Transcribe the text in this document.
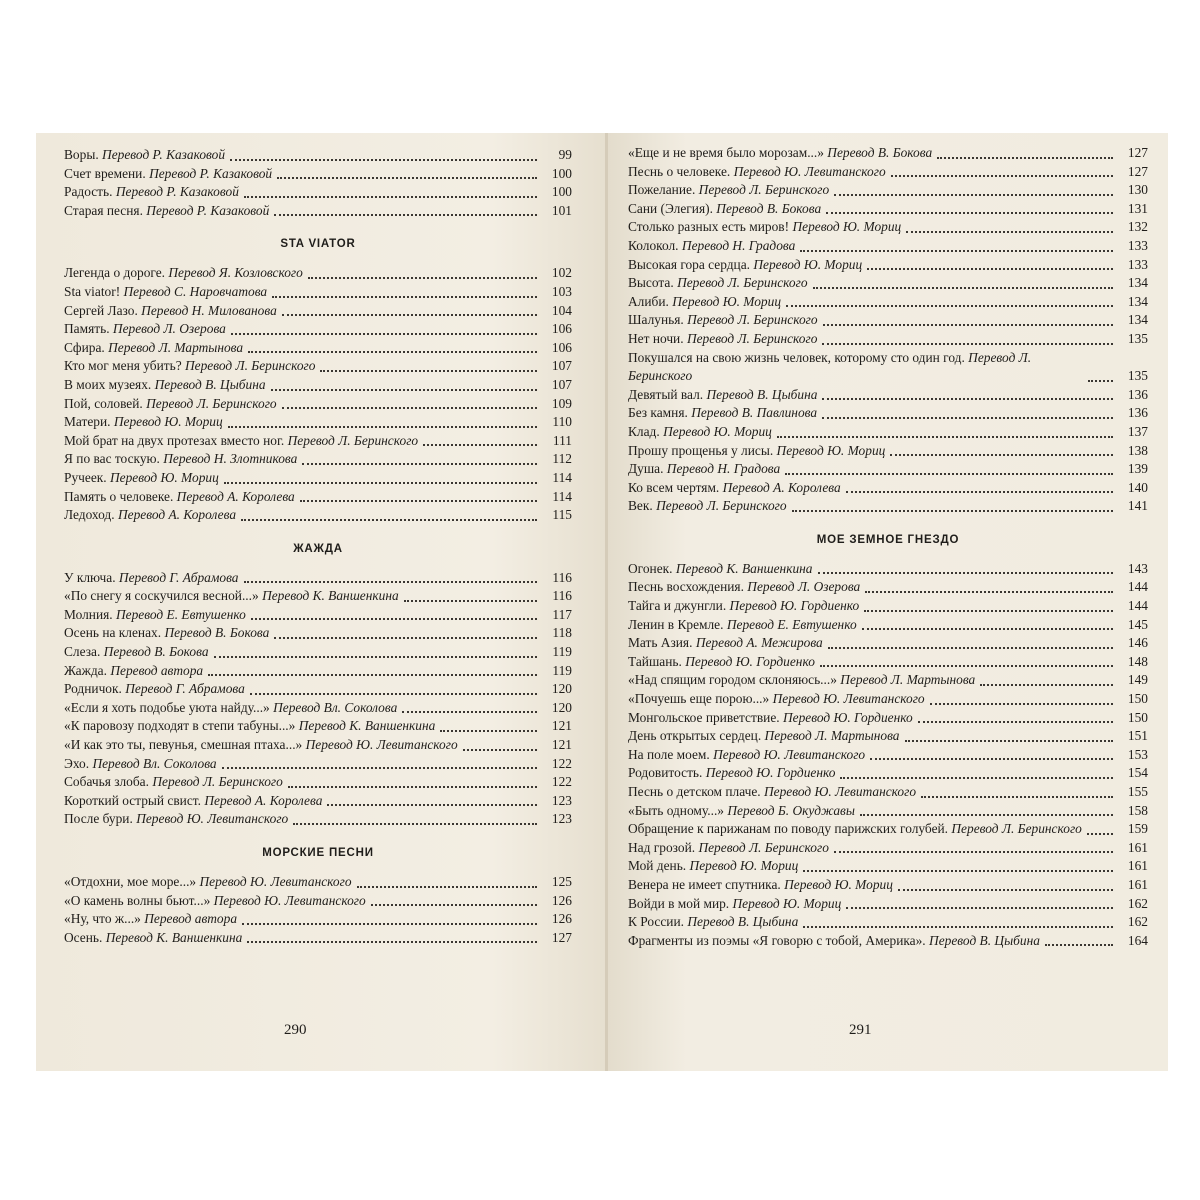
Воры. Перевод Р. Казаковой	99
Счет времени. Перевод Р. Казаковой	100
Радость. Перевод Р. Казаковой	100
Старая песня. Перевод Р. Казаковой	101
STA VIATOR
Легенда о дороге. Перевод Я. Козловского	102
Sta viator! Перевод С. Наровчатова	103
Сергей Лазо. Перевод Н. Милованова	104
Память. Перевод Л. Озерова	106
Сфира. Перевод Л. Мартынова	106
Кто мог меня убить? Перевод Л. Беринского	107
В моих музеях. Перевод В. Цыбина	107
Пой, соловей. Перевод Л. Беринского	109
Матери. Перевод Ю. Мориц	110
Мой брат на двух протезах вместо ног. Перевод Л. Беринского	111
Я по вас тоскую. Перевод Н. Злотникова	112
Ручеек. Перевод Ю. Мориц	114
Память о человеке. Перевод А. Королева	114
Ледоход. Перевод А. Королева	115
ЖАЖДА
У ключа. Перевод Г. Абрамова	116
«По снегу я соскучился весной...» Перевод К. Ваншенкина	116
Молния. Перевод Е. Евтушенко	117
Осень на кленах. Перевод В. Бокова	118
Слеза. Перевод В. Бокова	119
Жажда. Перевод автора	119
Родничок. Перевод Г. Абрамова	120
«Если я хоть подобье уюта найду...» Перевод Вл. Соколова	120
«К паровозу подходят в степи табуны...» Перевод К. Ваншенкина	121
«И как это ты, певунья, смешная птаха...» Перевод Ю. Левитанского	121
Эхо. Перевод Вл. Соколова	122
Собачья злоба. Перевод Л. Беринского	122
Короткий острый свист. Перевод А. Королева	123
После бури. Перевод Ю. Левитанского	123
МОРСКИЕ ПЕСНИ
«Отдохни, мое море...» Перевод Ю. Левитанского	125
«О камень волны бьют...» Перевод Ю. Левитанского	126
«Ну, что ж...» Перевод автора	126
Осень. Перевод К. Ваншенкина	127
290
«Еще и не время было морозам...» Перевод В. Бокова	127
Песнь о человеке. Перевод Ю. Левитанского	127
Пожелание. Перевод Л. Беринского	130
Сани (Элегия). Перевод В. Бокова	131
Столько разных есть миров! Перевод Ю. Мориц	132
Колокол. Перевод Н. Градова	133
Высокая гора сердца. Перевод Ю. Мориц	133
Высота. Перевод Л. Беринского	134
Алиби. Перевод Ю. Мориц	134
Шалунья. Перевод Л. Беринского	134
Нет ночи. Перевод Л. Беринского	135
Покушался на свою жизнь человек, которому сто один год. Перевод Л. Беринского	135
Девятый вал. Перевод В. Цыбина	136
Без камня. Перевод В. Павлинова	136
Клад. Перевод Ю. Мориц	137
Прошу прощенья у лисы. Перевод Ю. Мориц	138
Душа. Перевод Н. Градова	139
Ко всем чертям. Перевод А. Королева	140
Век. Перевод Л. Беринского	141
МОЕ ЗЕМНОЕ ГНЕЗДО
Огонек. Перевод К. Ваншенкина	143
Песнь восхождения. Перевод Л. Озерова	144
Тайга и джунгли. Перевод Ю. Гордиенко	144
Ленин в Кремле. Перевод Е. Евтушенко	145
Мать Азия. Перевод А. Межирова	146
Тайшань. Перевод Ю. Гордиенко	148
«Над спящим городом склоняюсь...» Перевод Л. Мартынова	149
«Почуешь еще порою...» Перевод Ю. Левитанского	150
Монгольское приветствие. Перевод Ю. Гордиенко	150
День открытых сердец. Перевод Л. Мартынова	151
На поле моем. Перевод Ю. Левитанского	153
Родовитость. Перевод Ю. Гордиенко	154
Песнь о детском плаче. Перевод Ю. Левитанского	155
«Быть одному...» Перевод Б. Окуджавы	158
Обращение к парижанам по поводу парижских голубей. Перевод Л. Беринского	159
Над грозой. Перевод Л. Беринского	161
Мой день. Перевод Ю. Мориц	161
Венера не имеет спутника. Перевод Ю. Мориц	161
Войди в мой мир. Перевод Ю. Мориц	162
К России. Перевод В. Цыбина	162
Фрагменты из поэмы «Я говорю с тобой, Америка». Перевод В. Цыбина	164
291
